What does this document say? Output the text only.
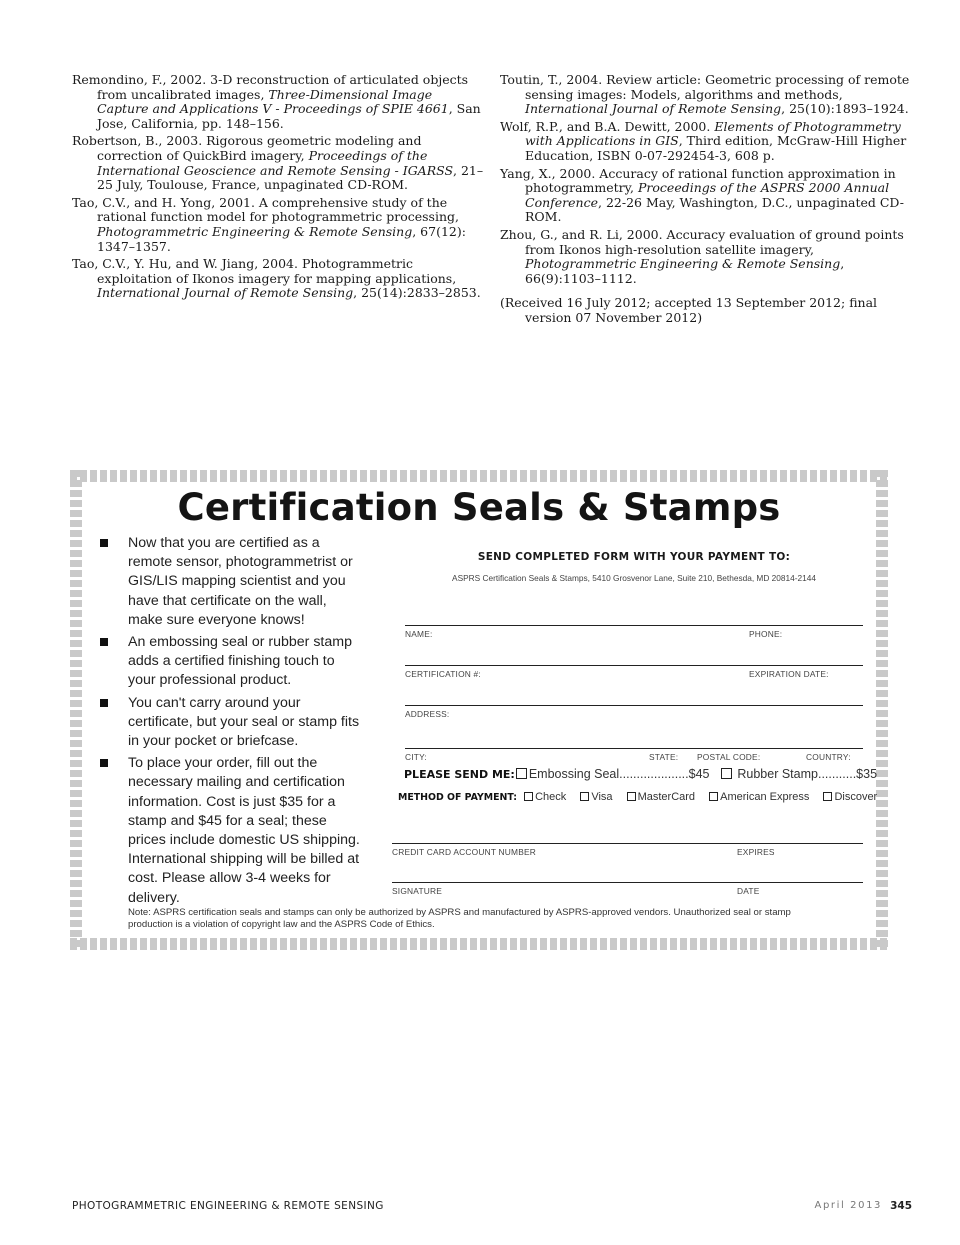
Remondino, F., 2002. 3-D reconstruction of articulated objects from uncalibrated images, Three-Dimensional Image Capture and Applications V - Proceedings of SPIE 4661, San Jose, California, pp. 148–156.
Robertson, B., 2003. Rigorous geometric modeling and correction of QuickBird imagery, Proceedings of the International Geoscience and Remote Sensing - IGARSS, 21–25 July, Toulouse, France, unpaginated CD-ROM.
Tao, C.V., and H. Yong, 2001. A comprehensive study of the rational function model for photogrammetric processing, Photogrammetric Engineering & Remote Sensing, 67(12): 1347–1357.
Tao, C.V., Y. Hu, and W. Jiang, 2004. Photogrammetric exploitation of Ikonos imagery for mapping applications, International Journal of Remote Sensing, 25(14):2833–2853.
Toutin, T., 2004. Review article: Geometric processing of remote sensing images: Models, algorithms and methods, International Journal of Remote Sensing, 25(10):1893–1924.
Wolf, R.P., and B.A. Dewitt, 2000. Elements of Photogrammetry with Applications in GIS, Third edition, McGraw-Hill Higher Education, ISBN 0-07-292454-3, 608 p.
Yang, X., 2000. Accuracy of rational function approximation in photogrammetry, Proceedings of the ASPRS 2000 Annual Conference, 22-26 May, Washington, D.C., unpaginated CD-ROM.
Zhou, G., and R. Li, 2000. Accuracy evaluation of ground points from Ikonos high-resolution satellite imagery, Photogrammetric Engineering & Remote Sensing, 66(9):1103–1112.
(Received 16 July 2012; accepted 13 September 2012; final version 07 November 2012)
Certification Seals & Stamps
Now that you are certified as a remote sensor, photogrammetrist or GIS/LIS mapping scientist and you have that certificate on the wall, make sure everyone knows!
An embossing seal or rubber stamp adds a certified finishing touch to your professional product.
You can't carry around your certificate, but your seal or stamp fits in your pocket or briefcase.
To place your order, fill out the necessary mailing and certification information. Cost is just $35 for a stamp and $45 for a seal; these prices include domestic US shipping. International shipping will be billed at cost. Please allow 3-4 weeks for delivery.
SEND COMPLETED FORM WITH YOUR PAYMENT TO:
ASPRS Certification Seals & Stamps, 5410 Grosvenor Lane, Suite 210, Bethesda, MD 20814-2144
NAME:	PHONE:
CERTIFICATION #:	EXPIRATION DATE:
ADDRESS:
CITY:	STATE: POSTAL CODE:	COUNTRY:
PLEASE SEND ME: Embossing Seal....................$45 Rubber Stamp...........$35
METHOD OF PAYMENT: Check Visa MasterCard American Express Discover
CREDIT CARD ACCOUNT NUMBER	EXPIRES
SIGNATURE	DATE
Note: ASPRS certification seals and stamps can only be authorized by ASPRS and manufactured by ASPRS-approved vendors. Unauthorized seal or stamp production is a violation of copyright law and the ASPRS Code of Ethics.
PHOTOGRAMMETRIC ENGINEERING & REMOTE SENSING	April 2013 345
